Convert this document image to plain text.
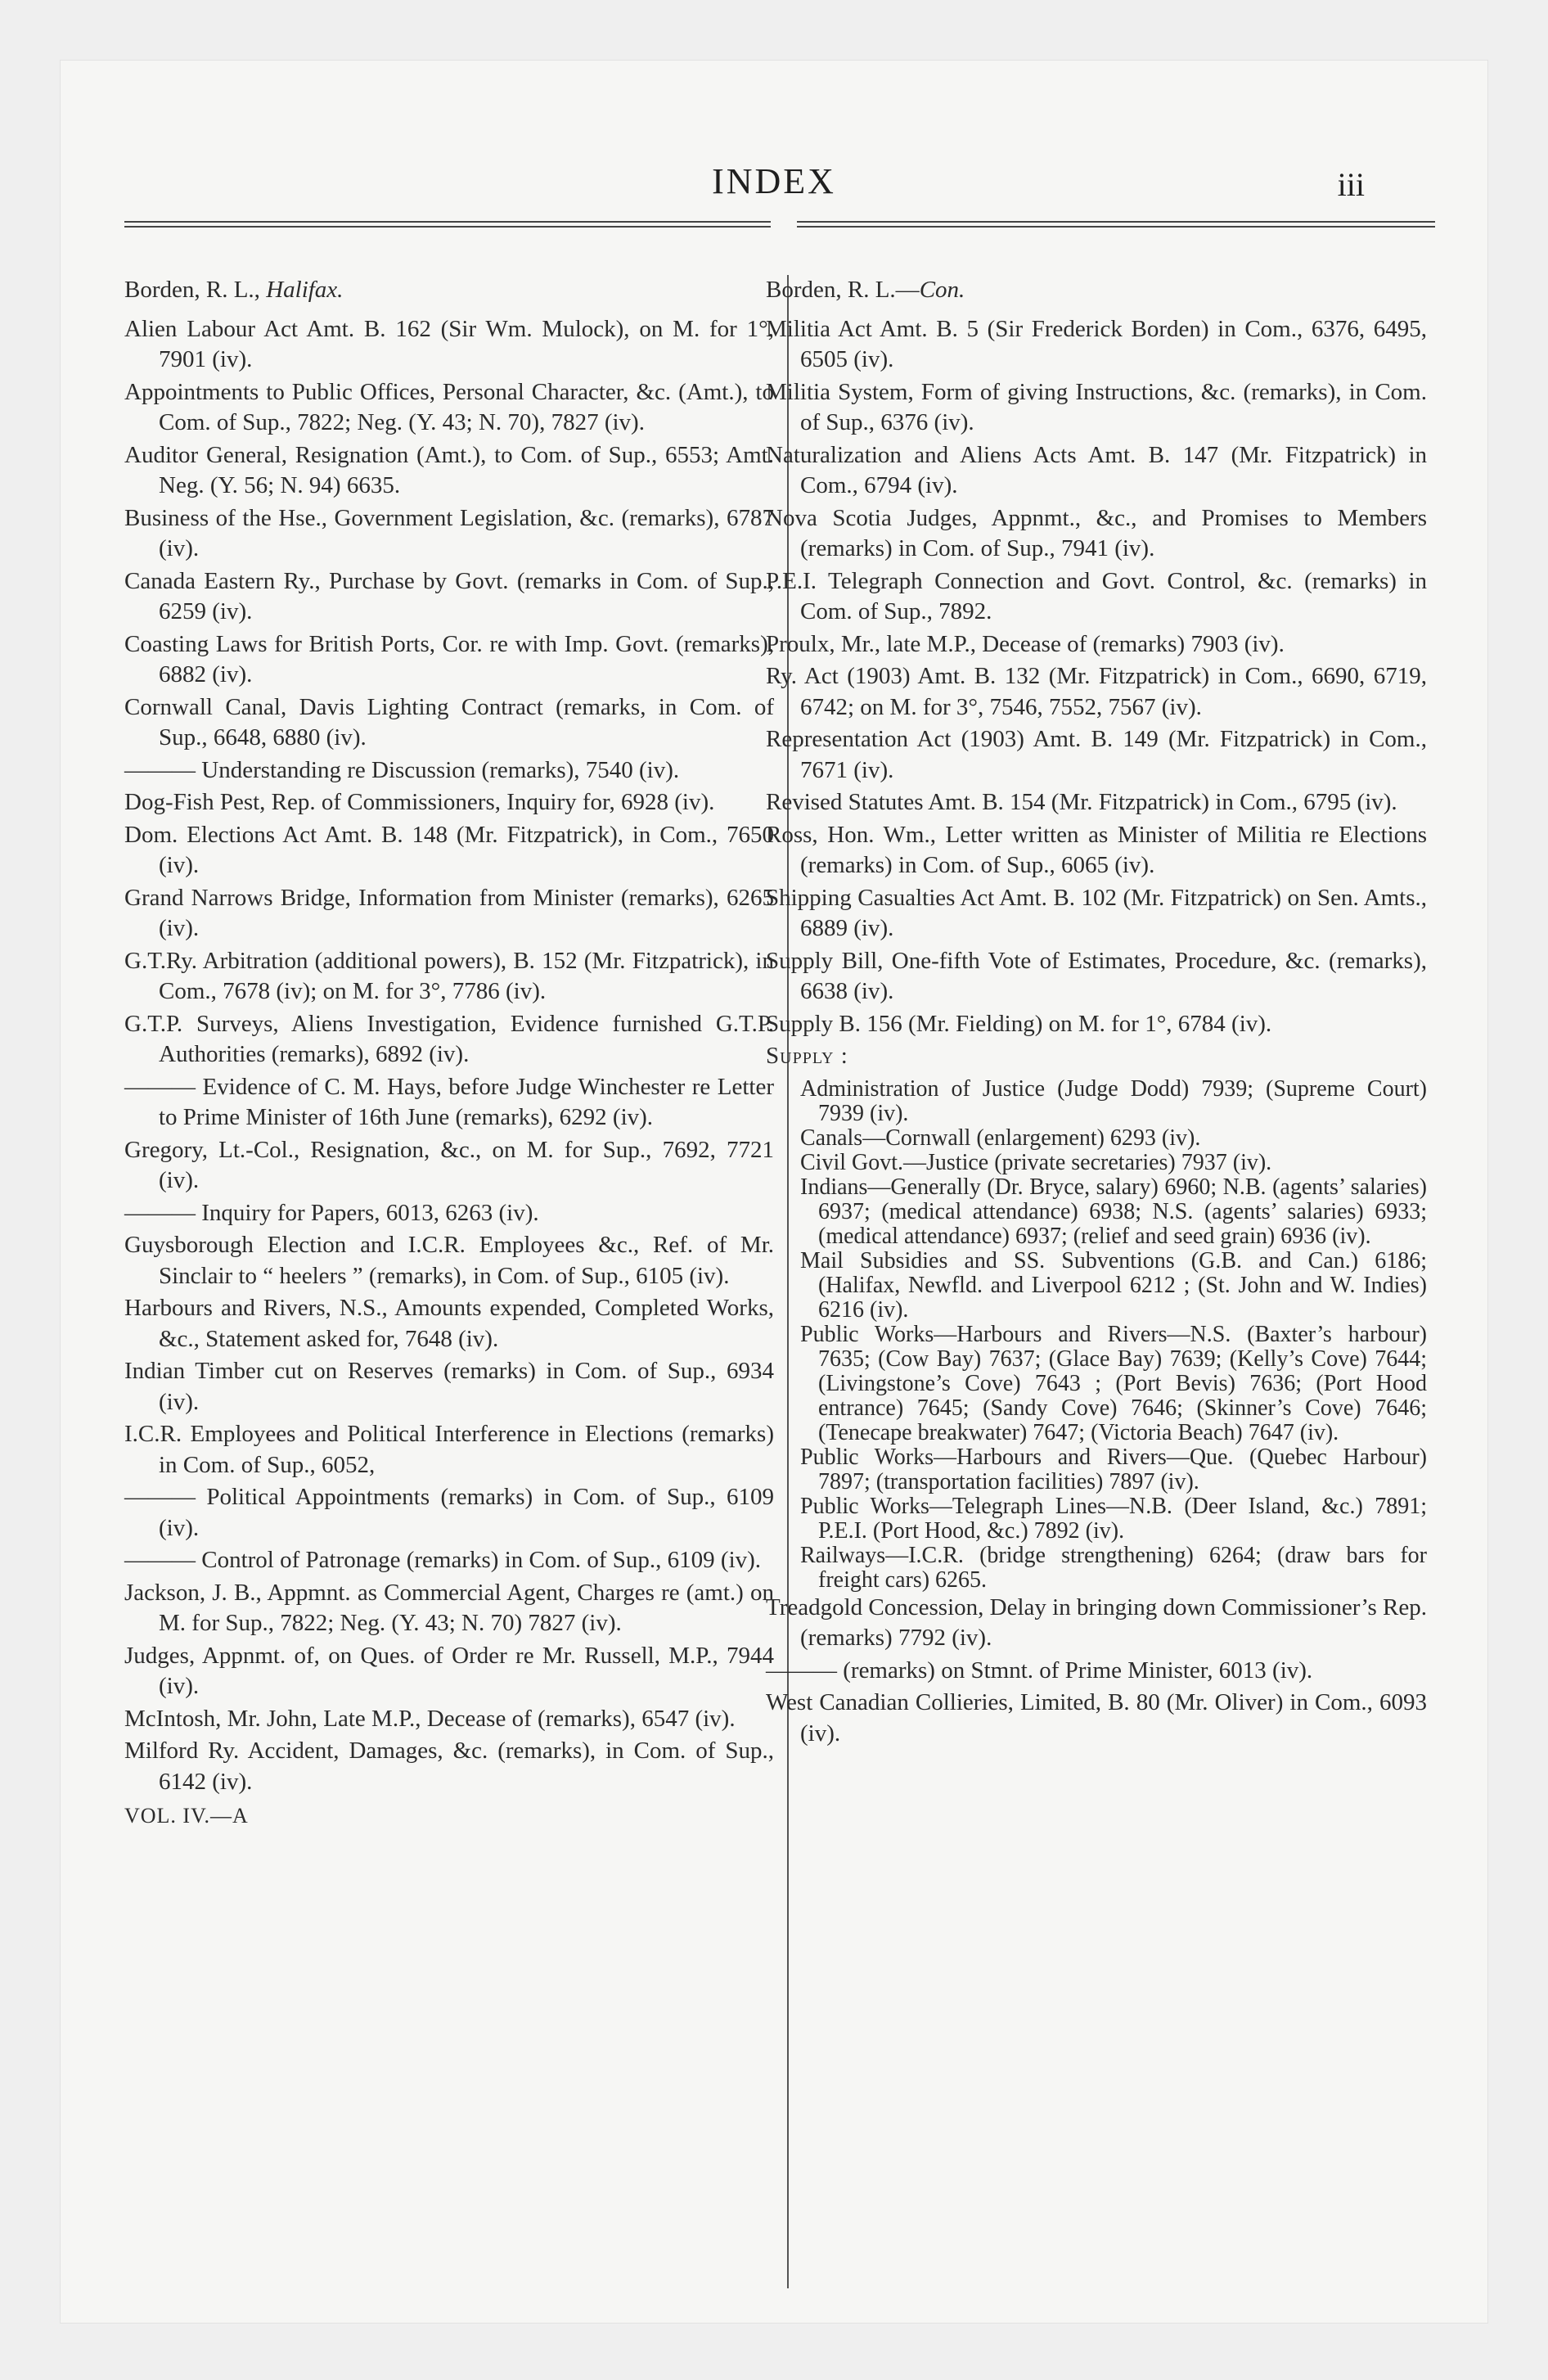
INDEX	iii
Borden, R. L., Halifax.
Alien Labour Act Amt. B. 162 (Sir Wm. Mulock), on M. for 1°, 7901 (iv).
Appointments to Public Offices, Personal Character, &c. (Amt.), to Com. of Sup., 7822; Neg. (Y. 43; N. 70), 7827 (iv).
Auditor General, Resignation (Amt.), to Com. of Sup., 6553; Amt. Neg. (Y. 56; N. 94) 6635.
Business of the Hse., Government Legislation, &c. (remarks), 6787 (iv).
Canada Eastern Ry., Purchase by Govt. (remarks in Com. of Sup., 6259 (iv).
Coasting Laws for British Ports, Cor. re with Imp. Govt. (remarks), 6882 (iv).
Cornwall Canal, Davis Lighting Contract (remarks, in Com. of Sup., 6648, 6880 (iv).
——— Understanding re Discussion (remarks), 7540 (iv).
Dog-Fish Pest, Rep. of Commissioners, Inquiry for, 6928 (iv).
Dom. Elections Act Amt. B. 148 (Mr. Fitzpatrick), in Com., 7650 (iv).
Grand Narrows Bridge, Information from Minister (remarks), 6265 (iv).
G.T.Ry. Arbitration (additional powers), B. 152 (Mr. Fitzpatrick), in Com., 7678 (iv); on M. for 3°, 7786 (iv).
G.T.P. Surveys, Aliens Investigation, Evidence furnished G.T.P. Authorities (remarks), 6892 (iv).
——— Evidence of C. M. Hays, before Judge Winchester re Letter to Prime Minister of 16th June (remarks), 6292 (iv).
Gregory, Lt.-Col., Resignation, &c., on M. for Sup., 7692, 7721 (iv).
——— Inquiry for Papers, 6013, 6263 (iv).
Guysborough Election and I.C.R. Employees &c., Ref. of Mr. Sinclair to “ heelers ” (remarks), in Com. of Sup., 6105 (iv).
Harbours and Rivers, N.S., Amounts expended, Completed Works, &c., Statement asked for, 7648 (iv).
Indian Timber cut on Reserves (remarks) in Com. of Sup., 6934 (iv).
I.C.R. Employees and Political Interference in Elections (remarks) in Com. of Sup., 6052,
——— Political Appointments (remarks) in Com. of Sup., 6109 (iv).
——— Control of Patronage (remarks) in Com. of Sup., 6109 (iv).
Jackson, J. B., Appmnt. as Commercial Agent, Charges re (amt.) on M. for Sup., 7822; Neg. (Y. 43; N. 70) 7827 (iv).
Judges, Appnmt. of, on Ques. of Order re Mr. Russell, M.P., 7944 (iv).
McIntosh, Mr. John, Late M.P., Decease of (remarks), 6547 (iv).
Milford Ry. Accident, Damages, &c. (remarks), in Com. of Sup., 6142 (iv).
VOL. IV.—A
Borden, R. L.—Con.
Militia Act Amt. B. 5 (Sir Frederick Borden) in Com., 6376, 6495, 6505 (iv).
Militia System, Form of giving Instructions, &c. (remarks), in Com. of Sup., 6376 (iv).
Naturalization and Aliens Acts Amt. B. 147 (Mr. Fitzpatrick) in Com., 6794 (iv).
Nova Scotia Judges, Appnmt., &c., and Promises to Members (remarks) in Com. of Sup., 7941 (iv).
P.E.I. Telegraph Connection and Govt. Control, &c. (remarks) in Com. of Sup., 7892.
Proulx, Mr., late M.P., Decease of (remarks) 7903 (iv).
Ry. Act (1903) Amt. B. 132 (Mr. Fitzpatrick) in Com., 6690, 6719, 6742; on M. for 3°, 7546, 7552, 7567 (iv).
Representation Act (1903) Amt. B. 149 (Mr. Fitzpatrick) in Com., 7671 (iv).
Revised Statutes Amt. B. 154 (Mr. Fitzpatrick) in Com., 6795 (iv).
Ross, Hon. Wm., Letter written as Minister of Militia re Elections (remarks) in Com. of Sup., 6065 (iv).
Shipping Casualties Act Amt. B. 102 (Mr. Fitzpatrick) on Sen. Amts., 6889 (iv).
Supply Bill, One-fifth Vote of Estimates, Procedure, &c. (remarks), 6638 (iv).
Supply B. 156 (Mr. Fielding) on M. for 1°, 6784 (iv).
Supply :
Administration of Justice (Judge Dodd) 7939; (Supreme Court) 7939 (iv).
Canals—Cornwall (enlargement) 6293 (iv).
Civil Govt.—Justice (private secretaries) 7937 (iv).
Indians—Generally (Dr. Bryce, salary) 6960; N.B. (agents’ salaries) 6937; (medical attendance) 6938; N.S. (agents’ salaries) 6933; (medical attendance) 6937; (relief and seed grain) 6936 (iv).
Mail Subsidies and SS. Subventions (G.B. and Can.) 6186; (Halifax, Newfld. and Liverpool 6212 ; (St. John and W. Indies) 6216 (iv).
Public Works—Harbours and Rivers—N.S. (Baxter’s harbour) 7635; (Cow Bay) 7637; (Glace Bay) 7639; (Kelly’s Cove) 7644; (Livingstone’s Cove) 7643 ; (Port Bevis) 7636; (Port Hood entrance) 7645; (Sandy Cove) 7646; (Skinner’s Cove) 7646; (Tenecape breakwater) 7647; (Victoria Beach) 7647 (iv).
Public Works—Harbours and Rivers—Que. (Quebec Harbour) 7897; (transportation facilities) 7897 (iv).
Public Works—Telegraph Lines—N.B. (Deer Island, &c.) 7891; P.E.I. (Port Hood, &c.) 7892 (iv).
Railways—I.C.R. (bridge strengthening) 6264; (draw bars for freight cars) 6265.
Treadgold Concession, Delay in bringing down Commissioner’s Rep. (remarks) 7792 (iv).
——— (remarks) on Stmnt. of Prime Minister, 6013 (iv).
West Canadian Collieries, Limited, B. 80 (Mr. Oliver) in Com., 6093 (iv).
